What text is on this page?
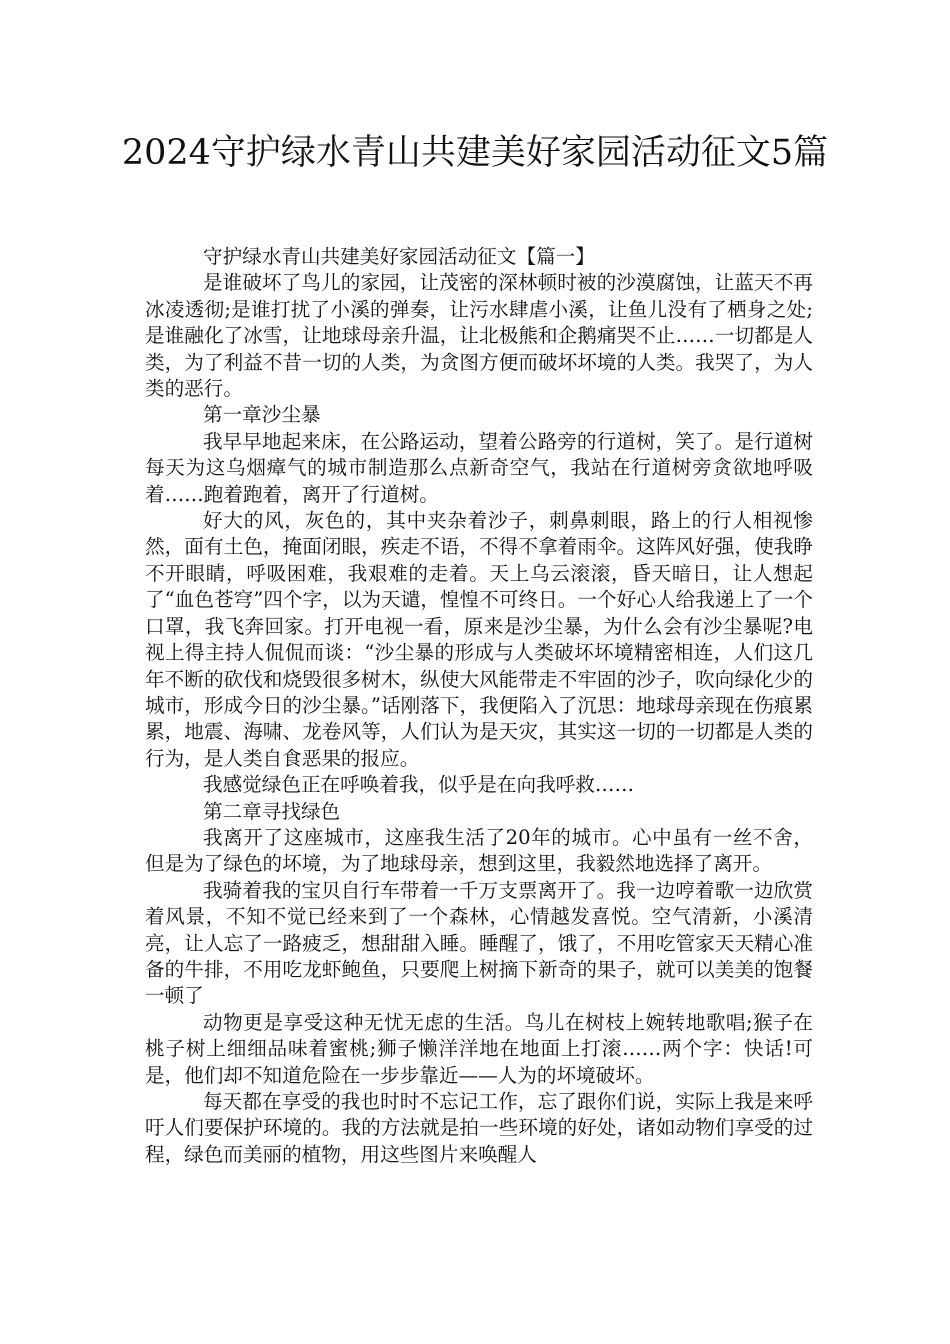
2024守护绿水青山共建美好家园活动征文5篇

守护绿水青山共建美好家园活动征文【篇一】

是谁破坏了鸟儿的家园，让茂密的深林顿时被的沙漠腐蚀，让蓝天不再冰凌透彻;是谁打扰了小溪的弹奏，让污水肆虐小溪，让鱼儿没有了栖身之处;是谁融化了冰雪，让地球母亲升温，让北极熊和企鹅痛哭不止……一切都是人类，为了利益不昔一切的人类，为贪图方便而破坏坏境的人类。我哭了，为人类的恶行。

第一章沙尘暴

我早早地起来床，在公路运动，望着公路旁的行道树，笑了。是行道树每天为这乌烟瘴气的城市制造那么点新奇空气，我站在行道树旁贪欲地呼吸着……跑着跑着，离开了行道树。

好大的风，灰色的，其中夹杂着沙子，刺鼻刺眼，路上的行人相视惨然，面有土色，掩面闭眼，疾走不语，不得不拿着雨伞。这阵风好强，使我睁不开眼睛，呼吸困难，我艰难的走着。天上乌云滚滚，昏天暗日，让人想起了“血色苍穹”四个字，以为天谴，惶惶不可终日。一个好心人给我递上了一个口罩，我飞奔回家。打开电视一看，原来是沙尘暴，为什么会有沙尘暴呢?电视上得主持人侃侃而谈：“沙尘暴的形成与人类破坏坏境精密相连，人们这几年不断的砍伐和烧毁很多树木，纵使大风能带走不牢固的沙子，吹向绿化少的城市，形成今日的沙尘暴。”话刚落下，我便陷入了沉思：地球母亲现在伤痕累累，地震、海啸、龙卷风等，人们认为是天灾，其实这一切的一切都是人类的行为，是人类自食恶果的报应。

我感觉绿色正在呼唤着我，似乎是在向我呼救……

第二章寻找绿色

我离开了这座城市，这座我生活了20年的城市。心中虽有一丝不舍，但是为了绿色的坏境，为了地球母亲，想到这里，我毅然地选择了离开。

我骑着我的宝贝自行车带着一千万支票离开了。我一边哼着歌一边欣赏着风景，不知不觉已经来到了一个森林，心情越发喜悦。空气清新，小溪清亮，让人忘了一路疲乏，想甜甜入睡。睡醒了，饿了，不用吃管家天天精心准备的牛排，不用吃龙虾鲍鱼，只要爬上树摘下新奇的果子，就可以美美的饱餐一顿了

动物更是享受这种无忧无虑的生活。鸟儿在树枝上婉转地歌唱;猴子在桃子树上细细品味着蜜桃;狮子懒洋洋地在地面上打滚……两个字：快话!可是，他们却不知道危险在一步步靠近——人为的坏境破坏。

每天都在享受的我也时时不忘记工作，忘了跟你们说，实际上我是来呼吁人们要保护环境的。我的方法就是拍一些环境的好处，诸如动物们享受的过程，绿色而美丽的植物，用这些图片来唤醒人
